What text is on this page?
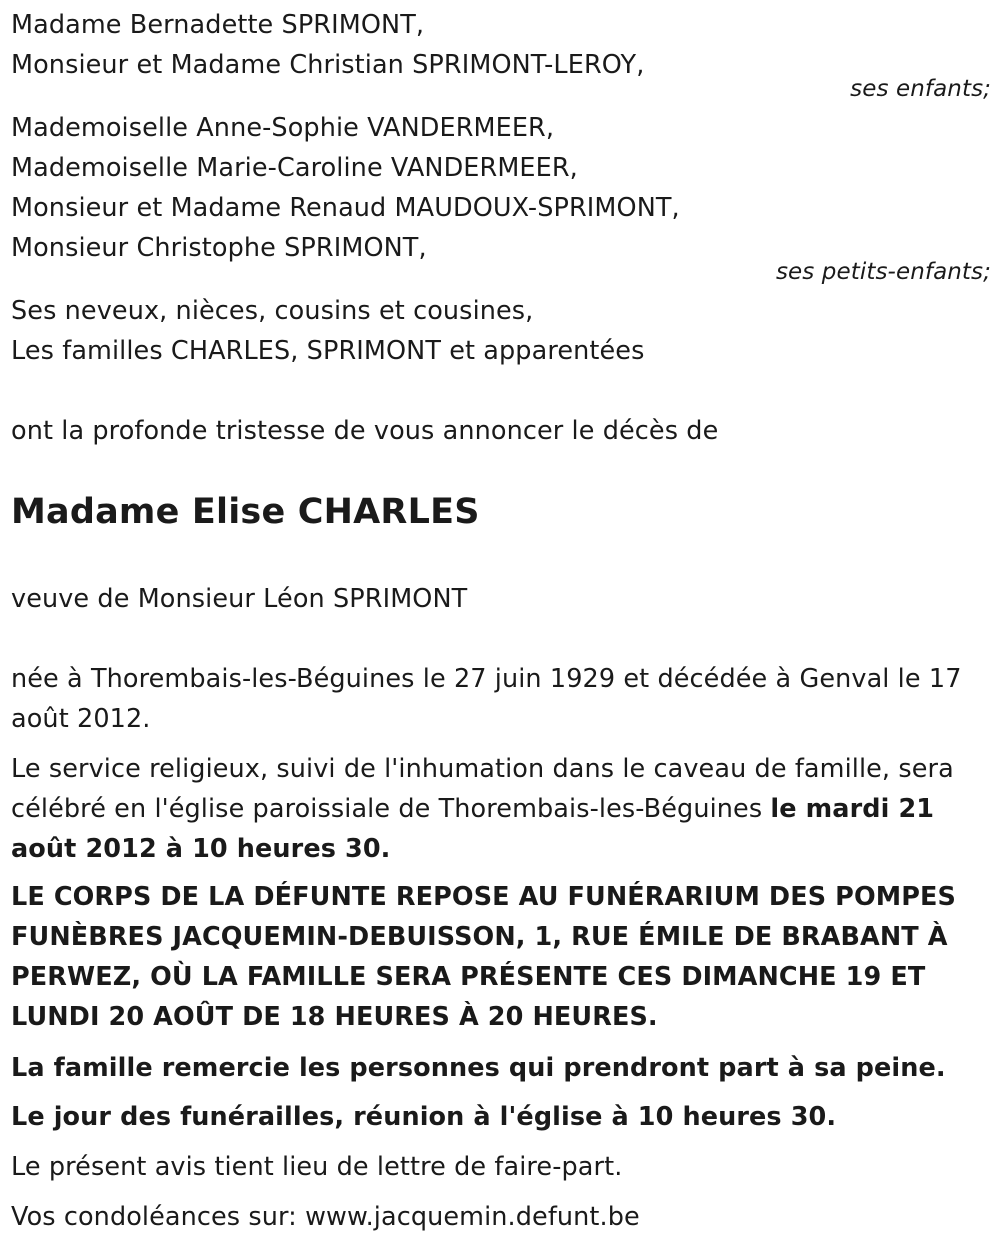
Madame Bernadette SPRIMONT,
Monsieur et Madame Christian SPRIMONT-LEROY,
ses enfants;
Mademoiselle Anne-Sophie VANDERMEER,
Mademoiselle Marie-Caroline VANDERMEER,
Monsieur et Madame Renaud MAUDOUX-SPRIMONT,
Monsieur Christophe SPRIMONT,
ses petits-enfants;
Ses neveux, nièces, cousins et cousines,
Les familles CHARLES, SPRIMONT et apparentées
ont la profonde tristesse de vous annoncer le décès de
Madame Elise CHARLES
veuve de Monsieur Léon SPRIMONT
née à Thorembais-les-Béguines le 27 juin 1929 et décédée à Genval le 17 août 2012.
Le service religieux, suivi de l'inhumation dans le caveau de famille, sera célébré en l'église paroissiale de Thorembais-les-Béguines le mardi 21 août 2012 à 10 heures 30.
LE CORPS DE LA DÉFUNTE REPOSE AU FUNÉRARIUM DES POMPES FUNÈBRES JACQUEMIN-DEBUISSON, 1, RUE ÉMILE DE BRABANT À PERWEZ, OÙ LA FAMILLE SERA PRÉSENTE CES DIMANCHE 19 ET LUNDI 20 AOÛT DE 18 HEURES À 20 HEURES.
La famille remercie les personnes qui prendront part à sa peine.
Le jour des funérailles, réunion à l'église à 10 heures 30.
Le présent avis tient lieu de lettre de faire-part.
Vos condoléances sur: www.jacquemin.defunt.be
